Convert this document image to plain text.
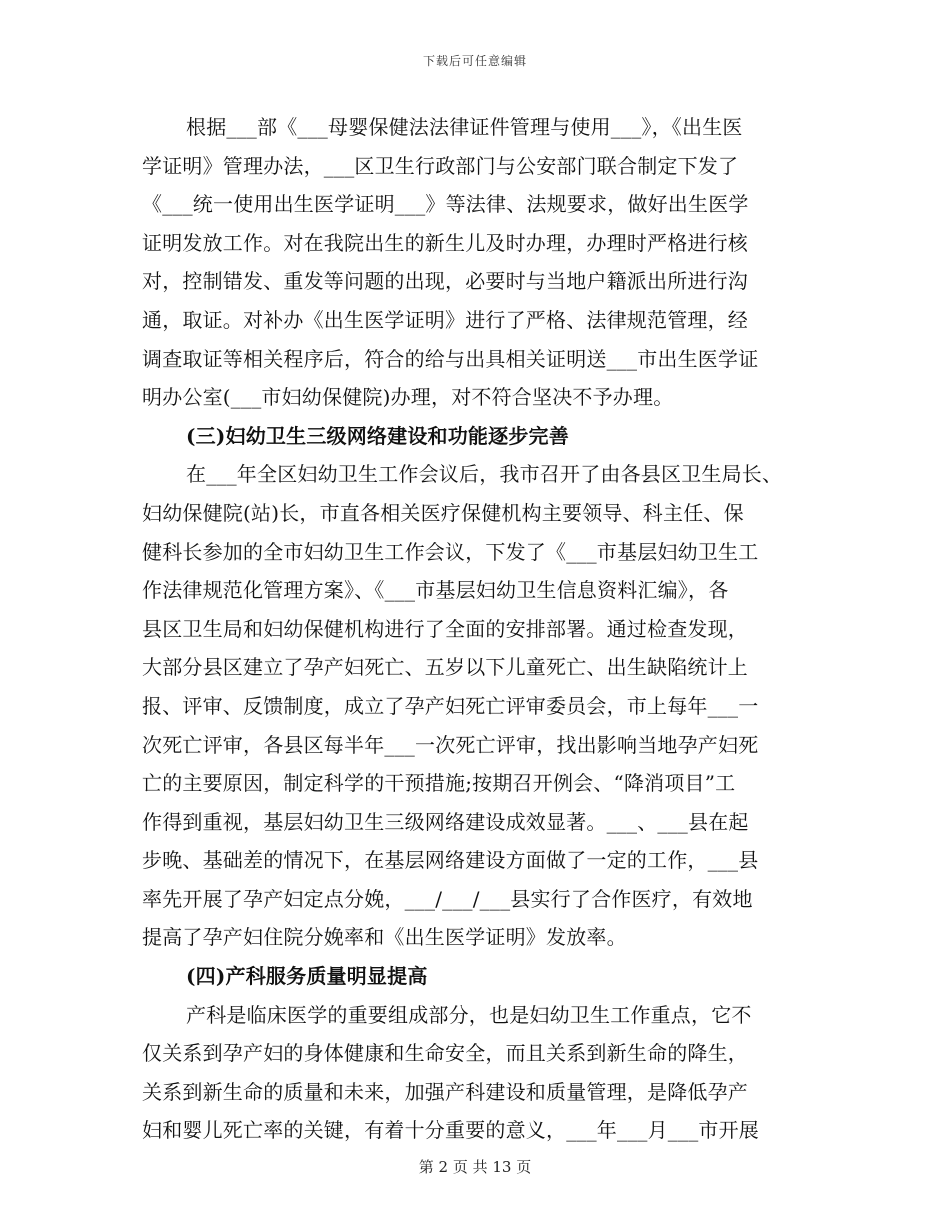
下载后可任意编辑
根据___部《___母婴保健法法律证件管理与使用___》，《出生医
学证明》管理办法，___区卫生行政部门与公安部门联合制定下发了
《___统一使用出生医学证明___》等法律、法规要求，做好出生医学
证明发放工作。对在我院出生的新生儿及时办理，办理时严格进行核
对，控制错发、重发等问题的出现，必要时与当地户籍派出所进行沟
通，取证。对补办《出生医学证明》进行了严格、法律规范管理，经
调查取证等相关程序后，符合的给与出具相关证明送___市出生医学证
明办公室(___市妇幼保健院)办理，对不符合坚决不予办理。
(三)妇幼卫生三级网络建设和功能逐步完善
在___年全区妇幼卫生工作会议后，我市召开了由各县区卫生局长、
妇幼保健院(站)长，市直各相关医疗保健机构主要领导、科主任、保
健科长参加的全市妇幼卫生工作会议，下发了《___市基层妇幼卫生工
作法律规范化管理方案》、《___市基层妇幼卫生信息资料汇编》，各
县区卫生局和妇幼保健机构进行了全面的安排部署。通过检查发现，
大部分县区建立了孕产妇死亡、五岁以下儿童死亡、出生缺陷统计上
报、评审、反馈制度，成立了孕产妇死亡评审委员会，市上每年___一
次死亡评审，各县区每半年___一次死亡评审，找出影响当地孕产妇死
亡的主要原因，制定科学的干预措施;按期召开例会、“降消项目”工
作得到重视，基层妇幼卫生三级网络建设成效显著。___、___县在起
步晚、基础差的情况下，在基层网络建设方面做了一定的工作，___县
率先开展了孕产妇定点分娩，___/___/___县实行了合作医疗，有效地
提高了孕产妇住院分娩率和《出生医学证明》发放率。
(四)产科服务质量明显提高
产科是临床医学的重要组成部分，也是妇幼卫生工作重点，它不
仅关系到孕产妇的身体健康和生命安全，而且关系到新生命的降生，
关系到新生命的质量和未来，加强产科建设和质量管理，是降低孕产
妇和婴儿死亡率的关键，有着十分重要的意义，___年___月___市开展
第 2 页 共 13 页
